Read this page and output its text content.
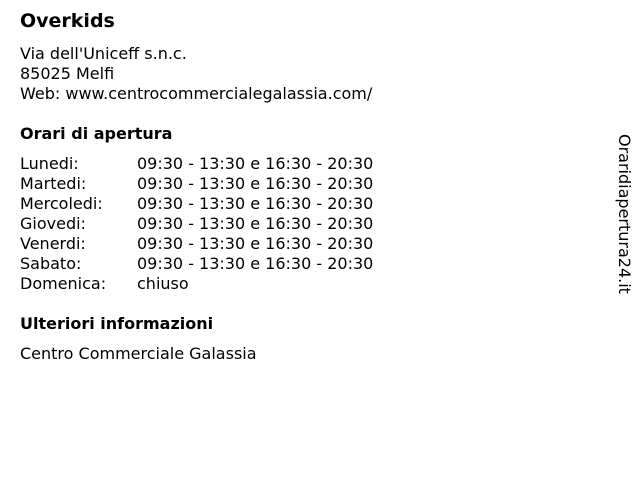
Overkids
Via dell'Uniceff s.n.c.
85025 Melfi
Web: www.centrocommercialegalassia.com/
Orari di apertura
Lunedi:	09:30 - 13:30 e 16:30 - 20:30
Martedi:	09:30 - 13:30 e 16:30 - 20:30
Mercoledi: 09:30 - 13:30 e 16:30 - 20:30
Giovedi:	09:30 - 13:30 e 16:30 - 20:30
Venerdi:	09:30 - 13:30 e 16:30 - 20:30
Sabato:	09:30 - 13:30 e 16:30 - 20:30
Domenica: chiuso
Ulteriori informazioni
Centro Commerciale Galassia
Oraridiapertura24.it
